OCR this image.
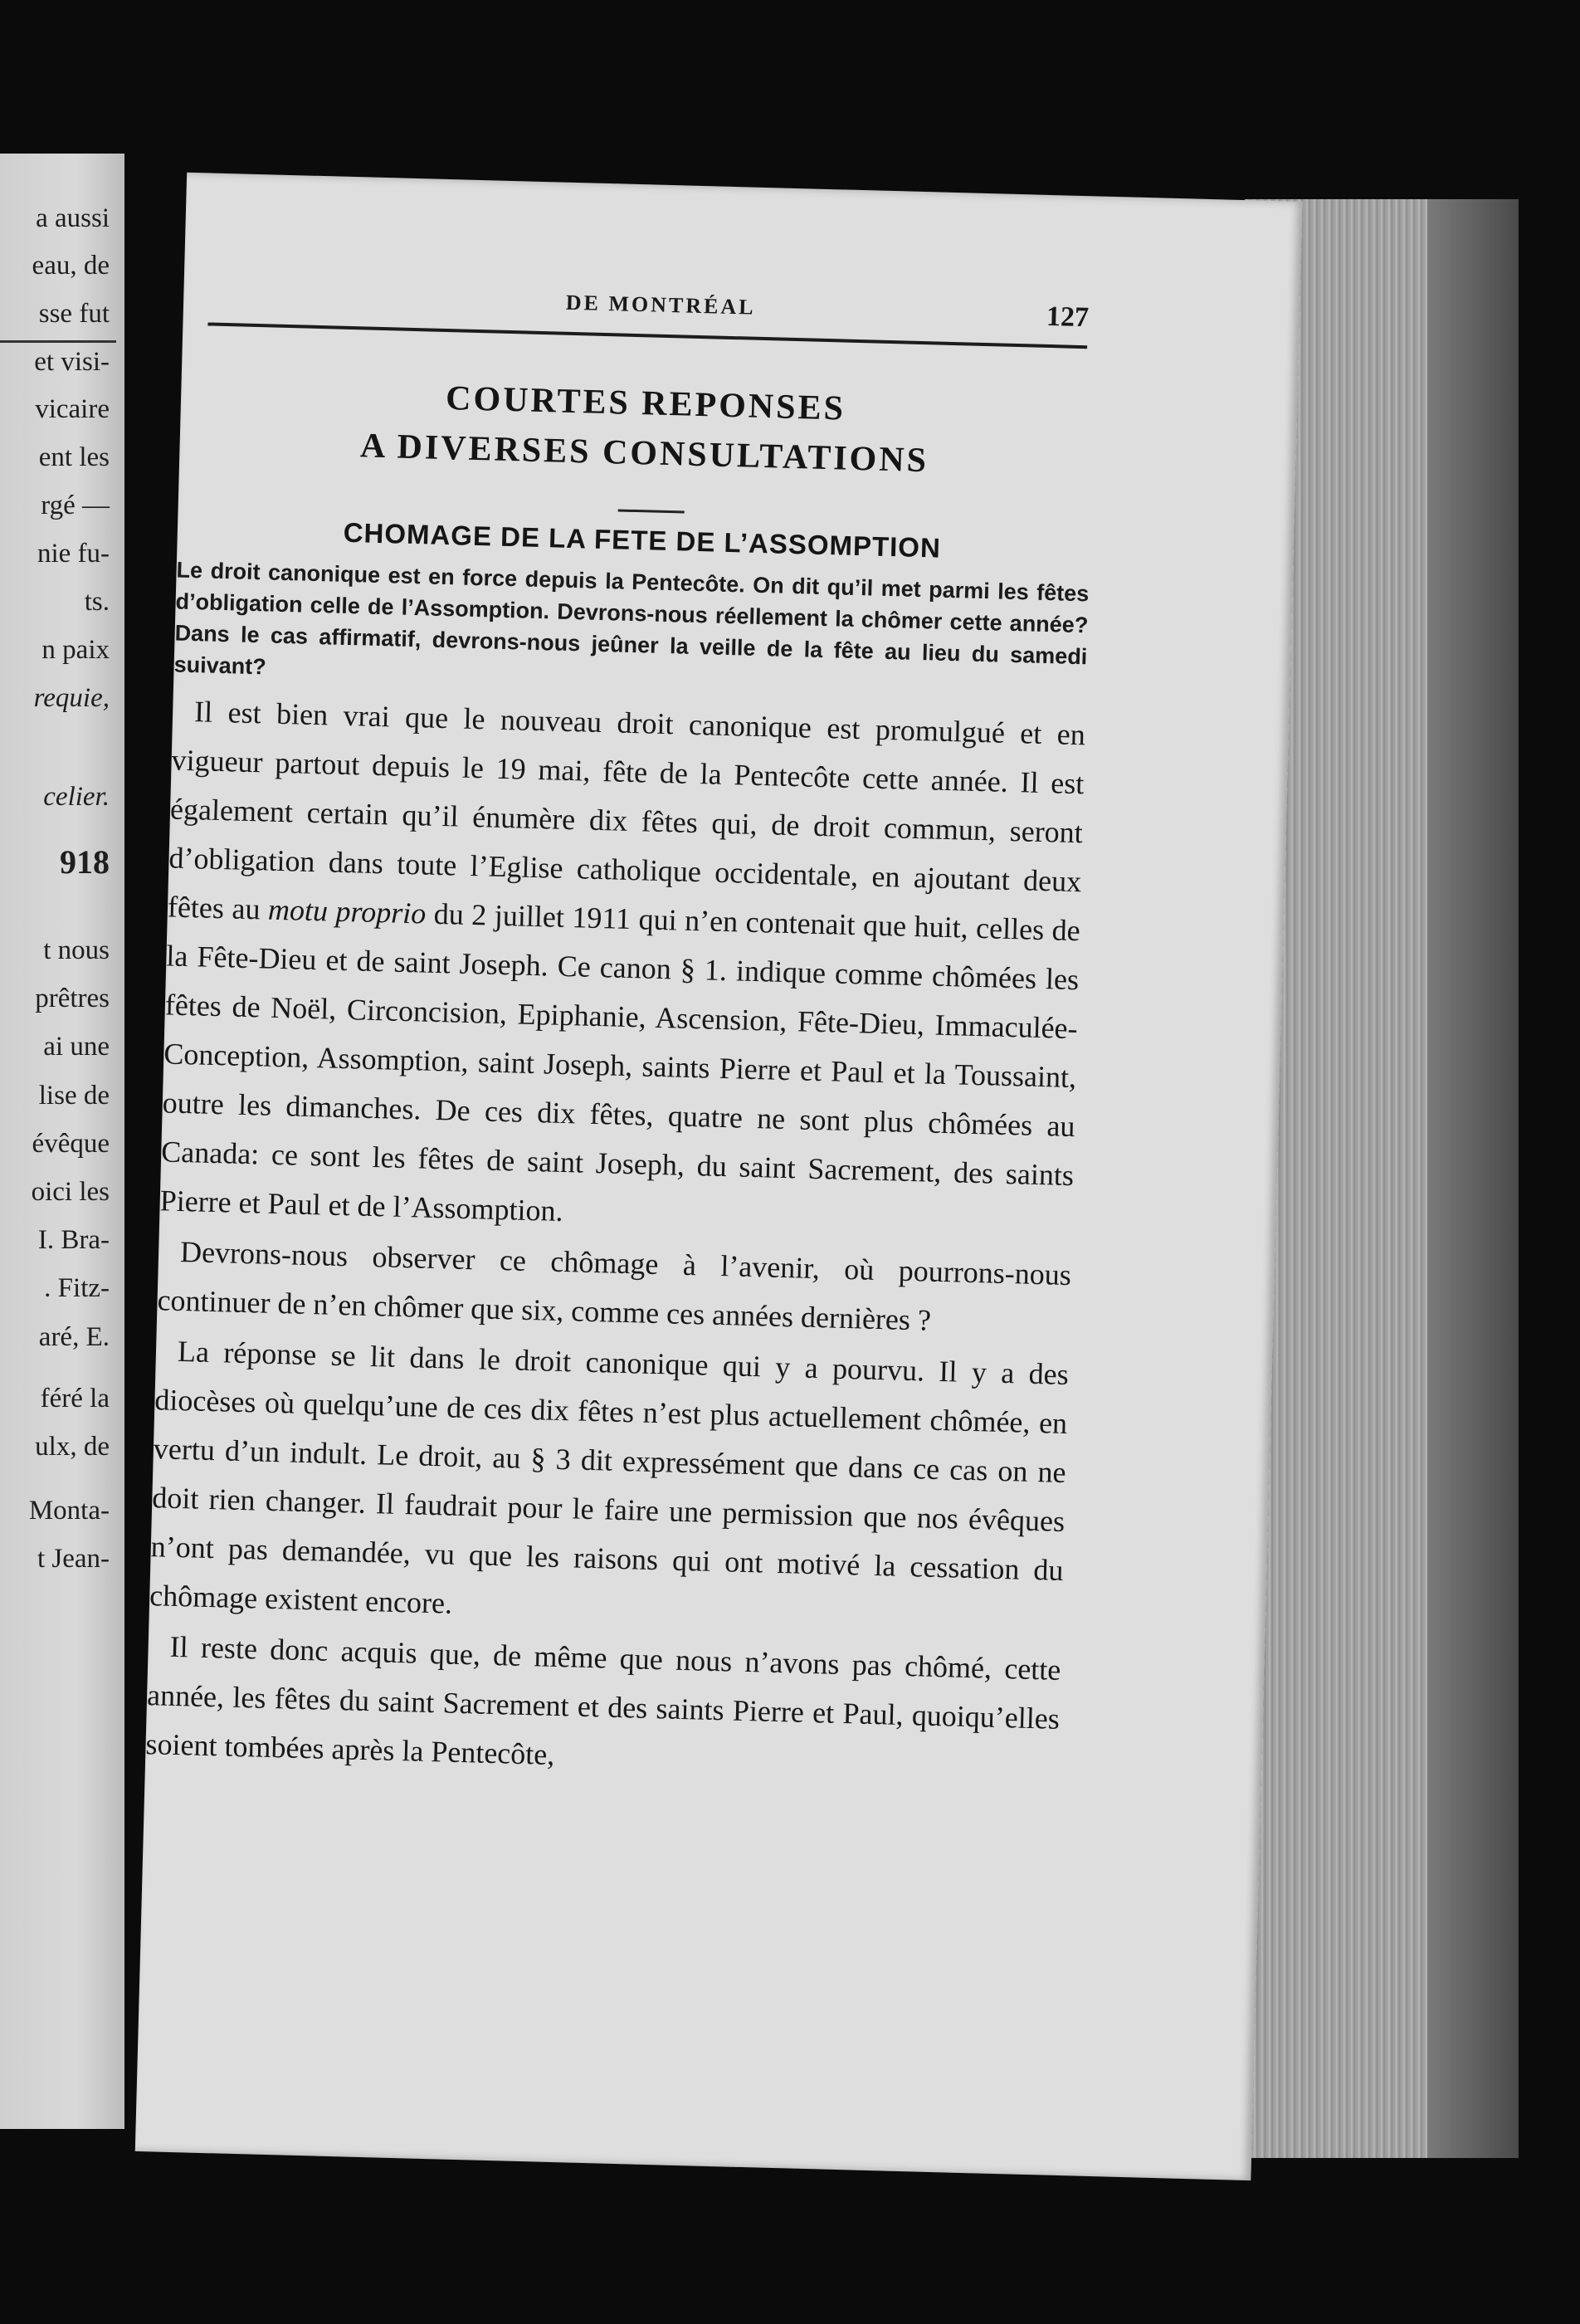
a aussi
eau, de
sse fut
et visi-
vicaire
ent les
rgé —
nie fu-
ts.
n paix
requie,
celier.
918
t nous
prêtres
ai une
lise de
évêque
oici les
I. Bra-
. Fitz-
aré, E.
féré la
ulx, de
Monta-
t Jean-
DE MONTRÉAL	127
COURTES REPONSES
A DIVERSES CONSULTATIONS
CHOMAGE DE LA FETE DE L’ASSOMPTION
Le droit canonique est en force depuis la Pentecôte. On dit qu’il met parmi les fêtes d’obligation celle de l’Assomption. Devrons-nous réellement la chômer cette année? Dans le cas affirmatif, devrons-nous jeûner la veille de la fête au lieu du samedi suivant?

Il est bien vrai que le nouveau droit canonique est promulgué et en vigueur partout depuis le 19 mai, fête de la Pentecôte cette année. Il est également certain qu’il énumère dix fêtes qui, de droit commun, seront d’obligation dans toute l’Eglise catholique occidentale, en ajoutant deux fêtes au motu proprio du 2 juillet 1911 qui n’en contenait que huit, celles de la Fête-Dieu et de saint Joseph. Ce canon § 1. indique comme chômées les fêtes de Noël, Circoncision, Epiphanie, Ascension, Fête-Dieu, Immaculée-Conception, Assomption, saint Joseph, saints Pierre et Paul et la Toussaint, outre les dimanches. De ces dix fêtes, quatre ne sont plus chômées au Canada: ce sont les fêtes de saint Joseph, du saint Sacrement, des saints Pierre et Paul et de l’Assomption.

Devrons-nous observer ce chômage à l’avenir, où pourrons-nous continuer de n’en chômer que six, comme ces années dernières ?

La réponse se lit dans le droit canonique qui y a pourvu. Il y a des diocèses où quelqu’une de ces dix fêtes n’est plus actuellement chômée, en vertu d’un indult. Le droit, au § 3 dit expressément que dans ce cas on ne doit rien changer. Il faudrait pour le faire une permission que nos évêques n’ont pas demandée, vu que les raisons qui ont motivé la cessation du chômage existent encore.

Il reste donc acquis que, de même que nous n’avons pas chômé, cette année, les fêtes du saint Sacrement et des saints Pierre et Paul, quoiqu’elles soient tombées après la Pentecôte,
